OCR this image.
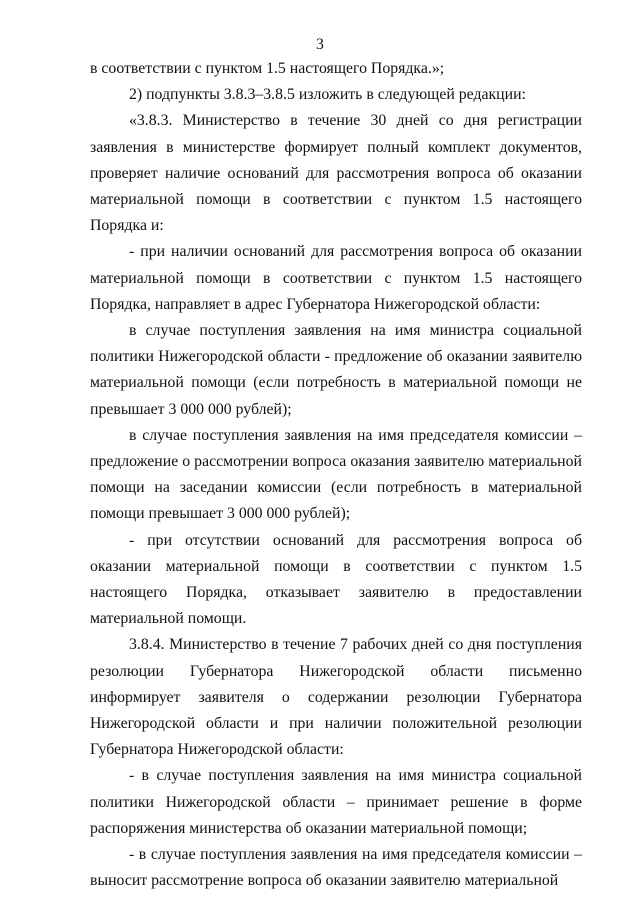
3

в соответствии с пунктом 1.5 настоящего Порядка.»;

2) подпункты 3.8.3–3.8.5 изложить в следующей редакции:

«3.8.3. Министерство в течение 30 дней со дня регистрации заявления в министерстве формирует полный комплект документов, проверяет наличие оснований для рассмотрения вопроса об оказании материальной помощи в соответствии с пунктом 1.5 настоящего Порядка и:

- при наличии оснований для рассмотрения вопроса об оказании материальной помощи в соответствии с пунктом 1.5 настоящего Порядка, направляет в адрес Губернатора Нижегородской области:

в случае поступления заявления на имя министра социальной политики Нижегородской области - предложение об оказании заявителю материальной помощи (если потребность в материальной помощи не превышает 3 000 000 рублей);

в случае поступления заявления на имя председателя комиссии – предложение о рассмотрении вопроса оказания заявителю материальной помощи на заседании комиссии (если потребность в материальной помощи превышает 3 000 000 рублей);

- при отсутствии оснований для рассмотрения вопроса об оказании материальной помощи в соответствии с пунктом 1.5 настоящего Порядка, отказывает заявителю в предоставлении материальной помощи.

3.8.4. Министерство в течение 7 рабочих дней со дня поступления резолюции Губернатора Нижегородской области письменно информирует заявителя о содержании резолюции Губернатора Нижегородской области и при наличии положительной резолюции Губернатора Нижегородской области:

- в случае поступления заявления на имя министра социальной политики Нижегородской области – принимает решение в форме распоряжения министерства об оказании материальной помощи;

- в случае поступления заявления на имя председателя комиссии – выносит рассмотрение вопроса об оказании заявителю материальной
